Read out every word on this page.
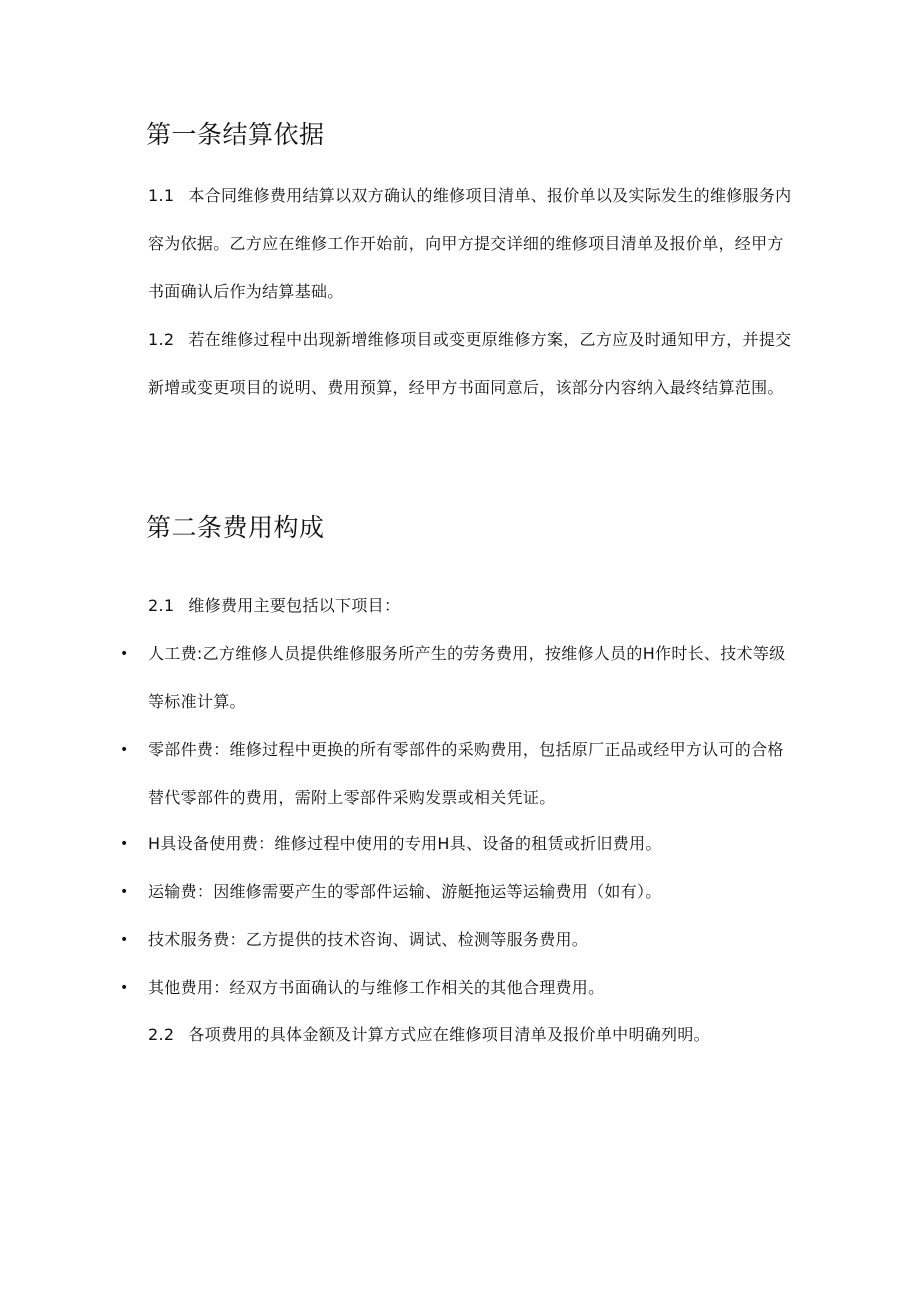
第一条结算依据

1.1 本合同维修费用结算以双方确认的维修项目清单、报价单以及实际发生的维修服务内容为依据。乙方应在维修工作开始前，向甲方提交详细的维修项目清单及报价单，经甲方书面确认后作为结算基础。

1.2 若在维修过程中出现新增维修项目或变更原维修方案，乙方应及时通知甲方，并提交新增或变更项目的说明、费用预算，经甲方书面同意后，该部分内容纳入最终结算范围。

第二条费用构成

2.1 维修费用主要包括以下项目：

•	人工费:乙方维修人员提供维修服务所产生的劳务费用，按维修人员的H作时长、技术等级等标准计算。
•	零部件费：维修过程中更换的所有零部件的采购费用，包括原厂正品或经甲方认可的合格替代零部件的费用，需附上零部件采购发票或相关凭证。
•	H具设备使用费：维修过程中使用的专用H具、设备的租赁或折旧费用。
•	运输费：因维修需要产生的零部件运输、游艇拖运等运输费用（如有）。
•	技术服务费：乙方提供的技术咨询、调试、检测等服务费用。
•	其他费用：经双方书面确认的与维修工作相关的其他合理费用。

2.2 各项费用的具体金额及计算方式应在维修项目清单及报价单中明确列明。
